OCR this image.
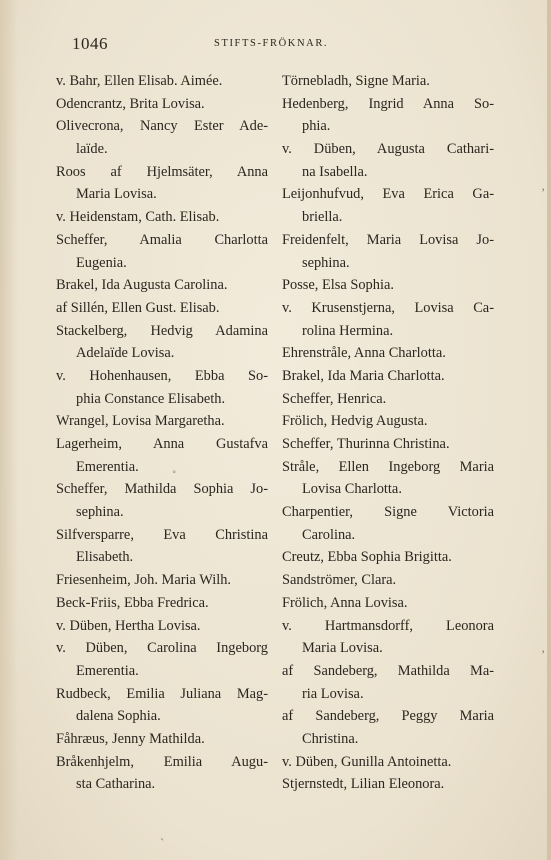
1046	STIFTS-FRÖKNAR.
v. Bahr, Ellen Elisab. Aimée.
Odencrantz, Brita Lovisa.
Olivecrona, Nancy Ester Ade-
laïde.
Roos af Hjelmsäter, Anna
Maria Lovisa.
v. Heidenstam, Cath. Elisab.
Scheffer, Amalia Charlotta
Eugenia.
Brakel, Ida Augusta Carolina.
af Sillén, Ellen Gust. Elisab.
Stackelberg, Hedvig Adamina
Adelaïde Lovisa.
v. Hohenhausen, Ebba So-
phia Constance Elisabeth.
Wrangel, Lovisa Margaretha.
Lagerheim, Anna Gustafva
Emerentia.
Scheffer, Mathilda Sophia Jo-
sephina.
Silfversparre, Eva Christina
Elisabeth.
Friesenheim, Joh. Maria Wilh.
Beck-Friis, Ebba Fredrica.
v. Düben, Hertha Lovisa.
v. Düben, Carolina Ingeborg
Emerentia.
Rudbeck, Emilia Juliana Mag-
dalena Sophia.
Fåhræus, Jenny Mathilda.
Bråkenhjelm, Emilia Augu-
sta Catharina.
Törnebladh, Signe Maria.
Hedenberg, Ingrid Anna So-
phia.
v. Düben, Augusta Cathari-
na Isabella.
Leijonhufvud, Eva Erica Ga-
briella.
Freidenfelt, Maria Lovisa Jo-
sephina.
Posse, Elsa Sophia.
v. Krusenstjerna, Lovisa Ca-
rolina Hermina.
Ehrenstråle, Anna Charlotta.
Brakel, Ida Maria Charlotta.
Scheffer, Henrica.
Frölich, Hedvig Augusta.
Scheffer, Thurinna Christina.
Stråle, Ellen Ingeborg Maria
Lovisa Charlotta.
Charpentier, Signe Victoria
Carolina.
Creutz, Ebba Sophia Brigitta.
Sandströmer, Clara.
Frölich, Anna Lovisa.
v. Hartmansdorff, Leonora
Maria Lovisa.
af Sandeberg, Mathilda Ma-
ria Lovisa.
af Sandeberg, Peggy Maria
Christina.
v. Düben, Gunilla Antoinetta.
Stjernstedt, Lilian Eleonora.
˳
‚
‚
ˎ
